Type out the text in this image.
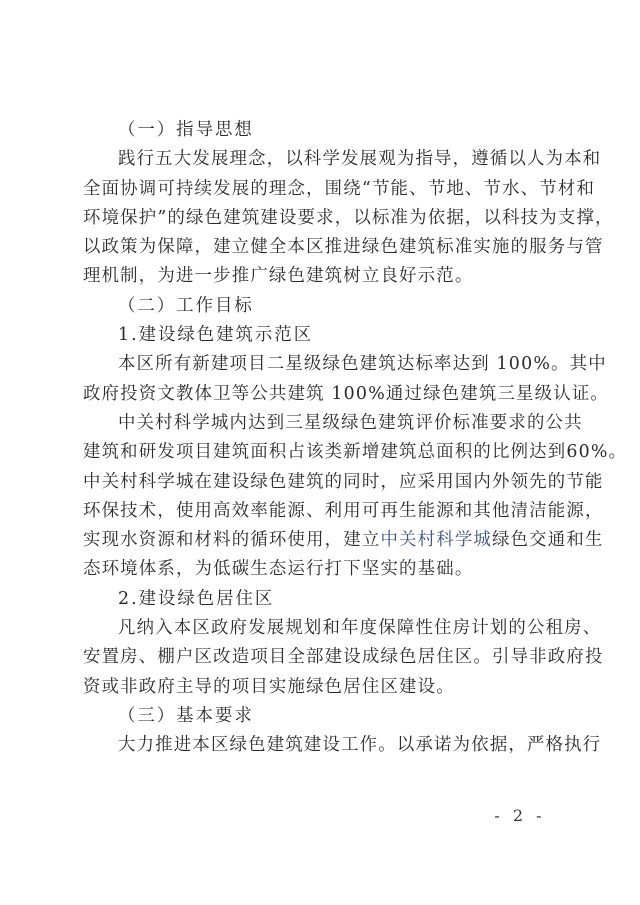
（一）指导思想
践行五大发展理念，以科学发展观为指导，遵循以人为本和
全面协调可持续发展的理念，围绕“节能、节地、节水、节材和
环境保护”的绿色建筑建设要求，以标准为依据，以科技为支撑，
以政策为保障，建立健全本区推进绿色建筑标准实施的服务与管
理机制，为进一步推广绿色建筑树立良好示范。
（二）工作目标
1.建设绿色建筑示范区
本区所有新建项目二星级绿色建筑达标率达到 100%。其中
政府投资文教体卫等公共建筑 100%通过绿色建筑三星级认证。
中关村科学城内达到三星级绿色建筑评价标准要求的公共
建筑和研发项目建筑面积占该类新增建筑总面积的比例达到60%。
中关村科学城在建设绿色建筑的同时，应采用国内外领先的节能
环保技术，使用高效率能源、利用可再生能源和其他清洁能源，
实现水资源和材料的循环使用，建立 中关村科学城 绿色交通和生
态环境体系，为低碳生态运行打下坚实的基础。
2.建设绿色居住区
凡纳入本区政府发展规划和年度保障性住房计划的公租房、
安置房、棚户区改造项目全部建设成绿色居住区。引导非政府投
资或非政府主导的项目实施绿色居住区建设。
（三）基本要求
大力推进本区绿色建筑建设工作。以承诺为依据，严格执行
- 2 -
